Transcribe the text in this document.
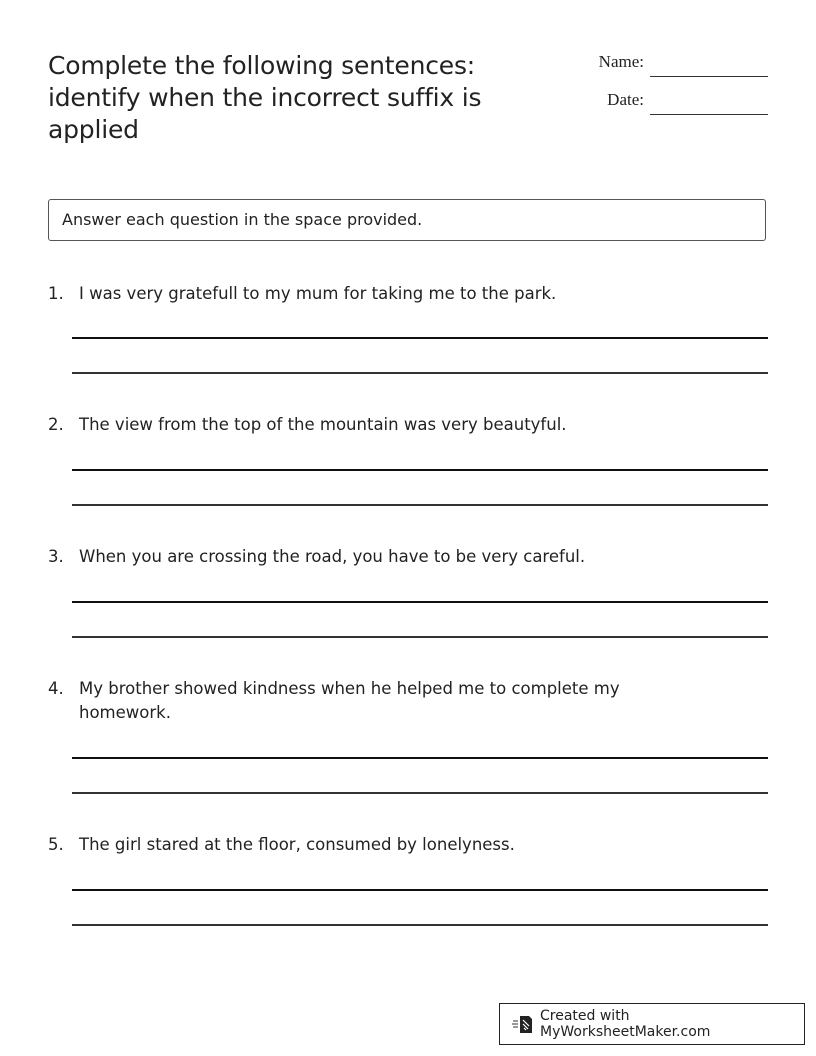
Complete the following sentences: identify when the incorrect suffix is applied
Name:
Date:
Answer each question in the space provided.
1. I was very gratefull to my mum for taking me to the park.
2. The view from the top of the mountain was very beautyful.
3. When you are crossing the road, you have to be very careful.
4. My brother showed kindness when he helped me to complete my homework.
5. The girl stared at the floor, consumed by lonelyness.
Created with MyWorksheetMaker.com
